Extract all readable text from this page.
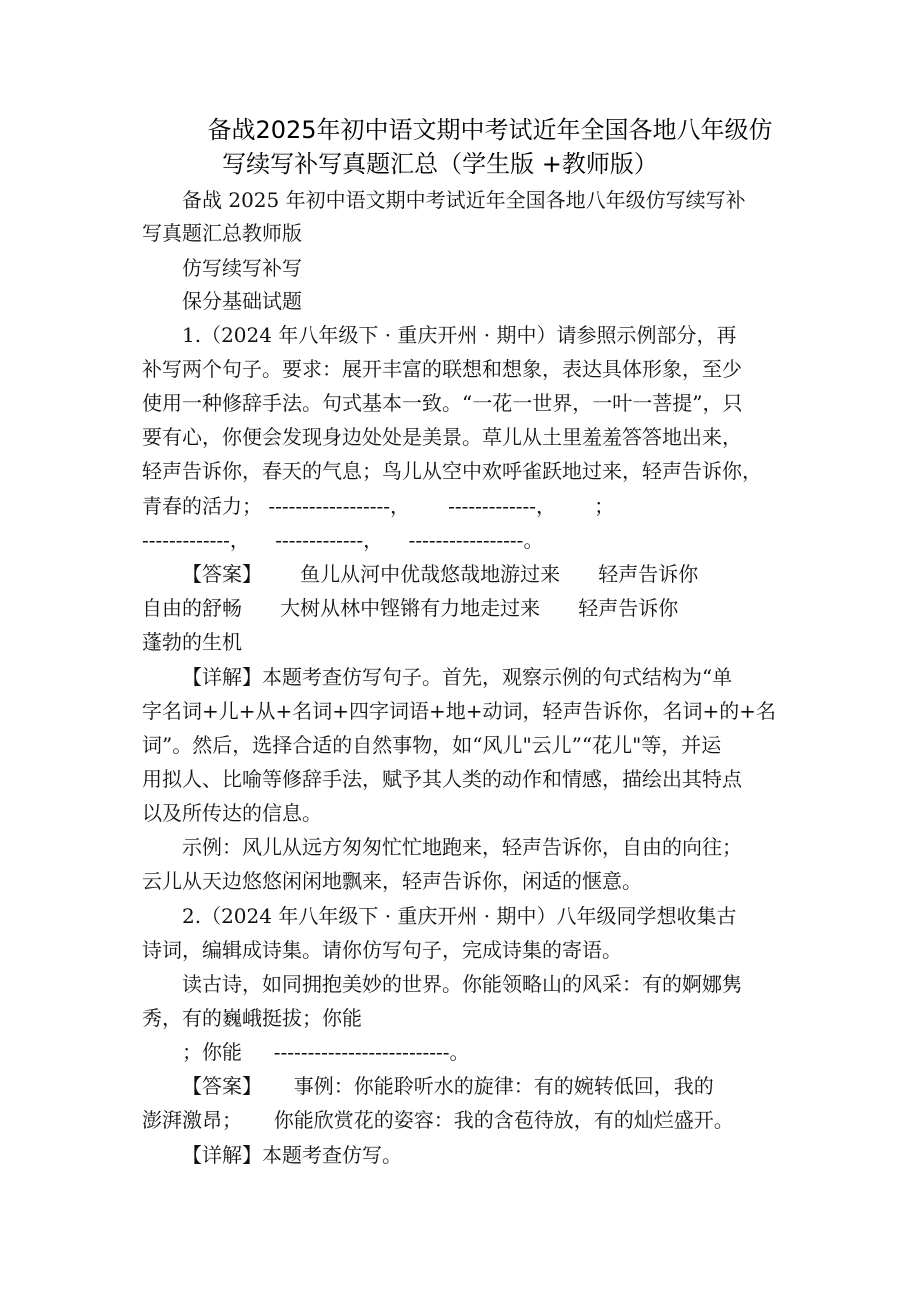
备战2025年初中语文期中考试近年全国各地八年级仿
写续写补写真题汇总（学生版 +教师版）
备战 2025 年初中语文期中考试近年全国各地八年级仿写续写补
写真题汇总教师版
仿写续写补写
保分基础试题
1.（2024 年八年级下 · 重庆开州 · 期中）请参照示例部分，再
补写两个句子。要求：展开丰富的联想和想象，表达具体形象，至少
使用一种修辞手法。句式基本一致。“一花一世界，一叶一菩提”，只
要有心，你便会发现身边处处是美景。草儿从土里羞羞答答地出来，
轻声告诉你，春天的气息；鸟儿从空中欢呼雀跃地过来，轻声告诉你，
青春的活力； ------------------，      -------------，      ；
-------------，    -------------，    -----------------。
【答案】      鱼儿从河中优哉悠哉地游过来      轻声告诉你
自由的舒畅      大树从林中铿锵有力地走过来      轻声告诉你
蓬勃的生机
【详解】本题考查仿写句子。首先，观察示例的句式结构为“单
字名词+儿+从+名词+四字词语+地+动词，轻声告诉你，名词+的+名
词”。然后，选择合适的自然事物，如“风儿"云儿”“花儿"等，并运
用拟人、比喻等修辞手法，赋予其人类的动作和情感，描绘出其特点
以及所传达的信息。
示例：风儿从远方匆匆忙忙地跑来，轻声告诉你，自由的向往；
云儿从天边悠悠闲闲地飘来，轻声告诉你，闲适的惬意。
2.（2024 年八年级下 · 重庆开州 · 期中）八年级同学想收集古
诗词，编辑成诗集。请你仿写句子，完成诗集的寄语。
读古诗，如同拥抱美妙的世界。你能领略山的风采：有的婀娜隽
秀，有的巍峨挺拔；你能
；你能     --------------------------。
【答案】     事例：你能聆听水的旋律：有的婉转低回，我的
澎湃激昂；     你能欣赏花的姿容：我的含苞待放，有的灿烂盛开。
【详解】本题考查仿写。
